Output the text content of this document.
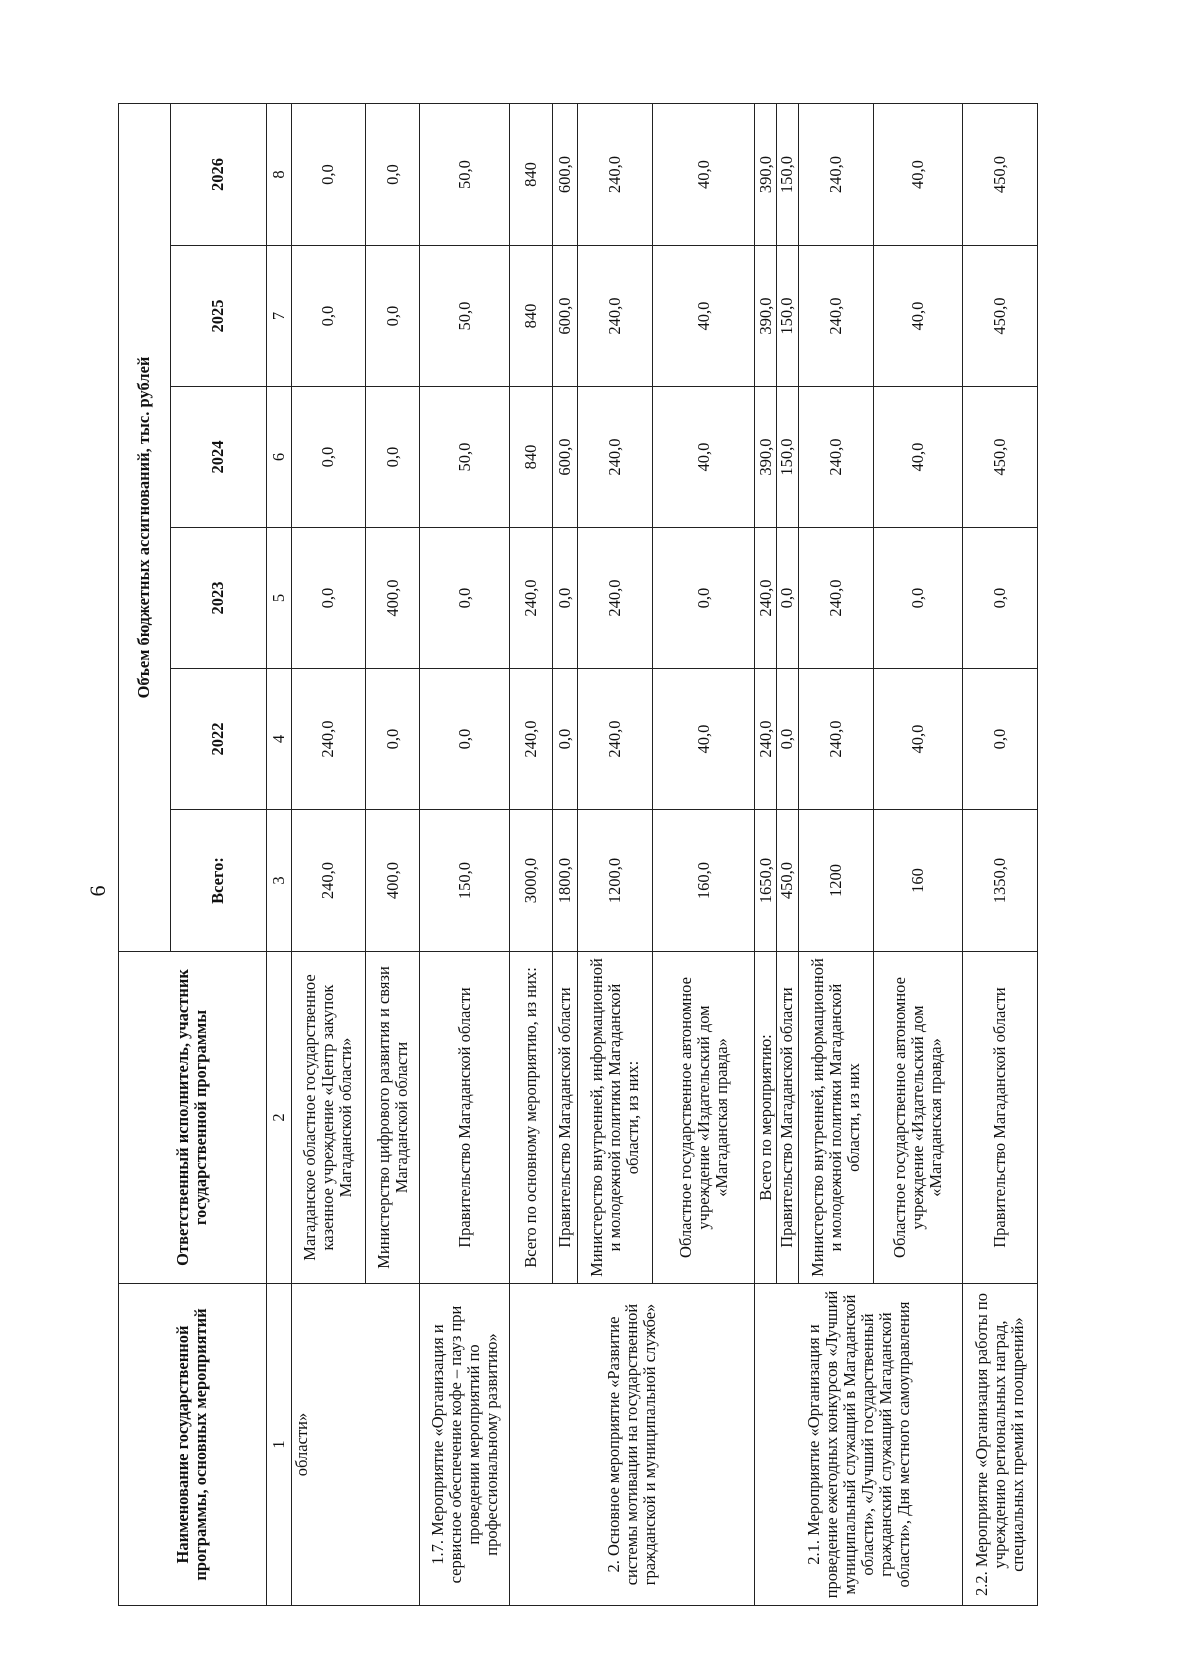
6
Наименование государственной программы, основных мероприятий	Ответственный исполнитель, участник государственной программы	Объем бюджетных ассигнований, тыс. рублей					
		Всего:	2022	2023	2024	2025	2026
1	2	3	4	5	6	7	8
области»	Магаданское областное государственное казенное учреждение «Центр закупок Магаданской области»	240,0	240,0	0,0	0,0	0,0	0,0
	Министерство цифрового развития и связи Магаданской области	400,0	0,0	400,0	0,0	0,0	0,0
1.7. Мероприятие «Организация и сервисное обеспечение кофе – пауз при проведении мероприятий по профессиональному развитию»	Правительство Магаданской области	150,0	0,0	0,0	50,0	50,0	50,0
2. Основное мероприятие «Развитие системы мотивации на государственной гражданской и муниципальной службе»	Всего по основному мероприятию, из них:	3000,0	240,0	240,0	840	840	840
	Правительство Магаданской области	1800,0	0,0	0,0	600,0	600,0	600,0
	Министерство внутренней, информационной и молодежной политики Магаданской области, из них:	1200,0	240,0	240,0	240,0	240,0	240,0
	Областное государственное автономное учреждение «Издательский дом «Магаданская правда»	160,0	40,0	0,0	40,0	40,0	40,0
2.1. Мероприятие «Организация и проведение ежегодных конкурсов «Лучший муниципальный служащий в Магаданской области», «Лучший государственный гражданский служащий Магаданской области», Дня местного самоуправления	Всего по мероприятию:	1650,0	240,0	240,0	390,0	390,0	390,0
	Правительство Магаданской области	450,0	0,0	0,0	150,0	150,0	150,0
	Министерство внутренней, информационной и молодежной политики Магаданской области, из них	1200	240,0	240,0	240,0	240,0	240,0
	Областное государственное автономное учреждение «Издательский дом «Магаданская правда»	160	40,0	0,0	40,0	40,0	40,0
2.2. Мероприятие «Организация работы по учреждению региональных наград, специальных премий и поощрений»	Правительство Магаданской области	1350,0	0,0	0,0	450,0	450,0	450,0
